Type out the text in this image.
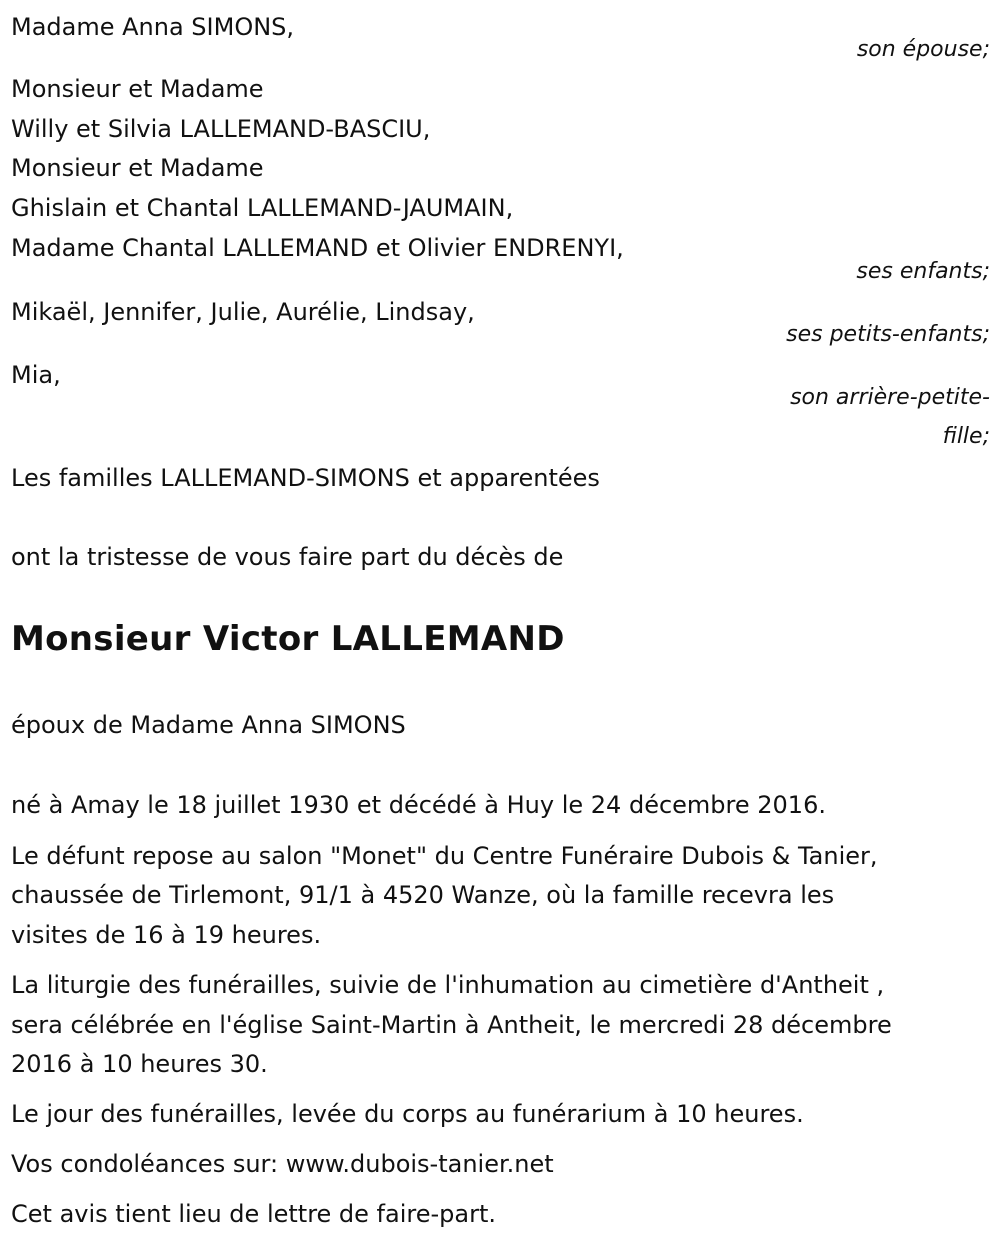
Madame Anna SIMONS,

son épouse;

Monsieur et Madame

Willy et Silvia LALLEMAND-BASCIU,

Monsieur et Madame

Ghislain et Chantal LALLEMAND-JAUMAIN,

Madame Chantal LALLEMAND et Olivier ENDRENYI,

ses enfants;

Mikaël, Jennifer, Julie, Aurélie, Lindsay,

ses petits-enfants;

Mia,

son arrière-petite-

fille;

Les familles LALLEMAND-SIMONS et apparentées

ont la tristesse de vous faire part du décès de

Monsieur Victor LALLEMAND

époux de Madame Anna SIMONS

né à Amay le 18 juillet 1930 et décédé à Huy le 24 décembre 2016.

Le défunt repose au salon "Monet" du Centre Funéraire Dubois & Tanier,

chaussée de Tirlemont, 91/1 à 4520 Wanze, où la famille recevra les

visites de 16 à 19 heures.

La liturgie des funérailles, suivie de l'inhumation au cimetière d'Antheit ,

sera célébrée en l'église Saint-Martin à Antheit, le mercredi 28 décembre

2016 à 10 heures 30.

Le jour des funérailles, levée du corps au funérarium à 10 heures.

Vos condoléances sur: www.dubois-tanier.net

Cet avis tient lieu de lettre de faire-part.
